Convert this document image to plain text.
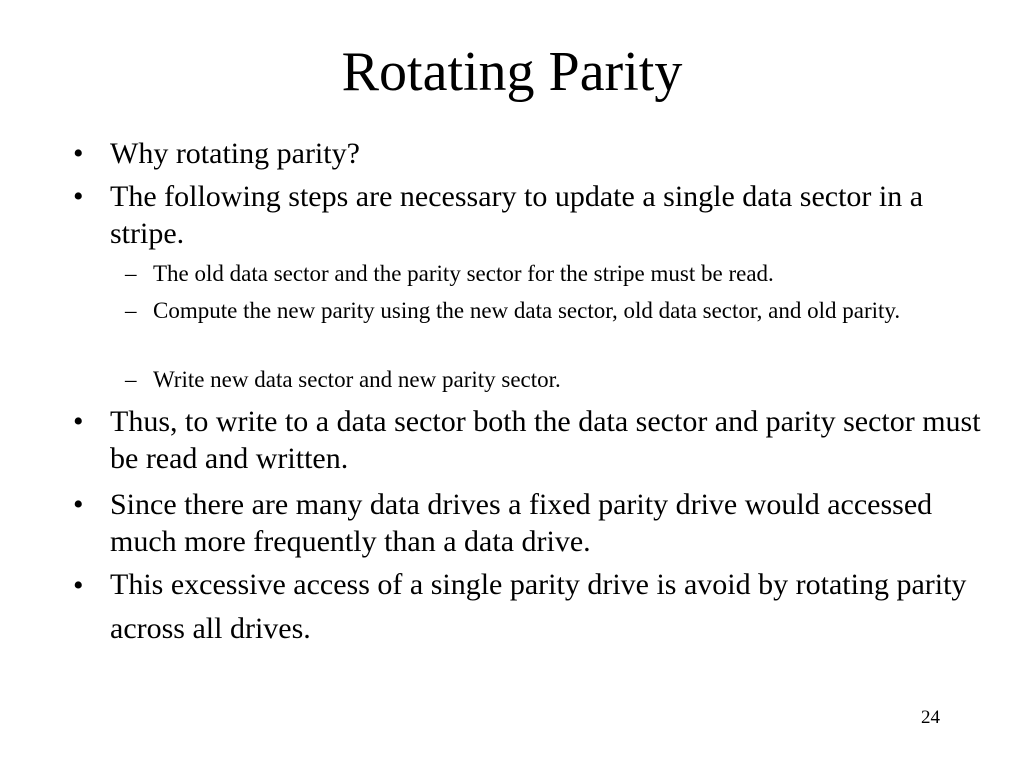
Rotating Parity
• Why rotating parity?
• The following steps are necessary to update a single data sector in a stripe.
– The old data sector and the parity sector for the stripe must be read.
– Compute the new parity using the new data sector, old data sector, and old parity.
– Write new data sector and new parity sector.
• Thus, to write to a data sector both the data sector and parity sector must be read and written.
• Since there are many data drives a fixed parity drive would accessed much more frequently than a data drive.
• This excessive access of a single parity drive is avoid by rotating parity across all drives.
24
